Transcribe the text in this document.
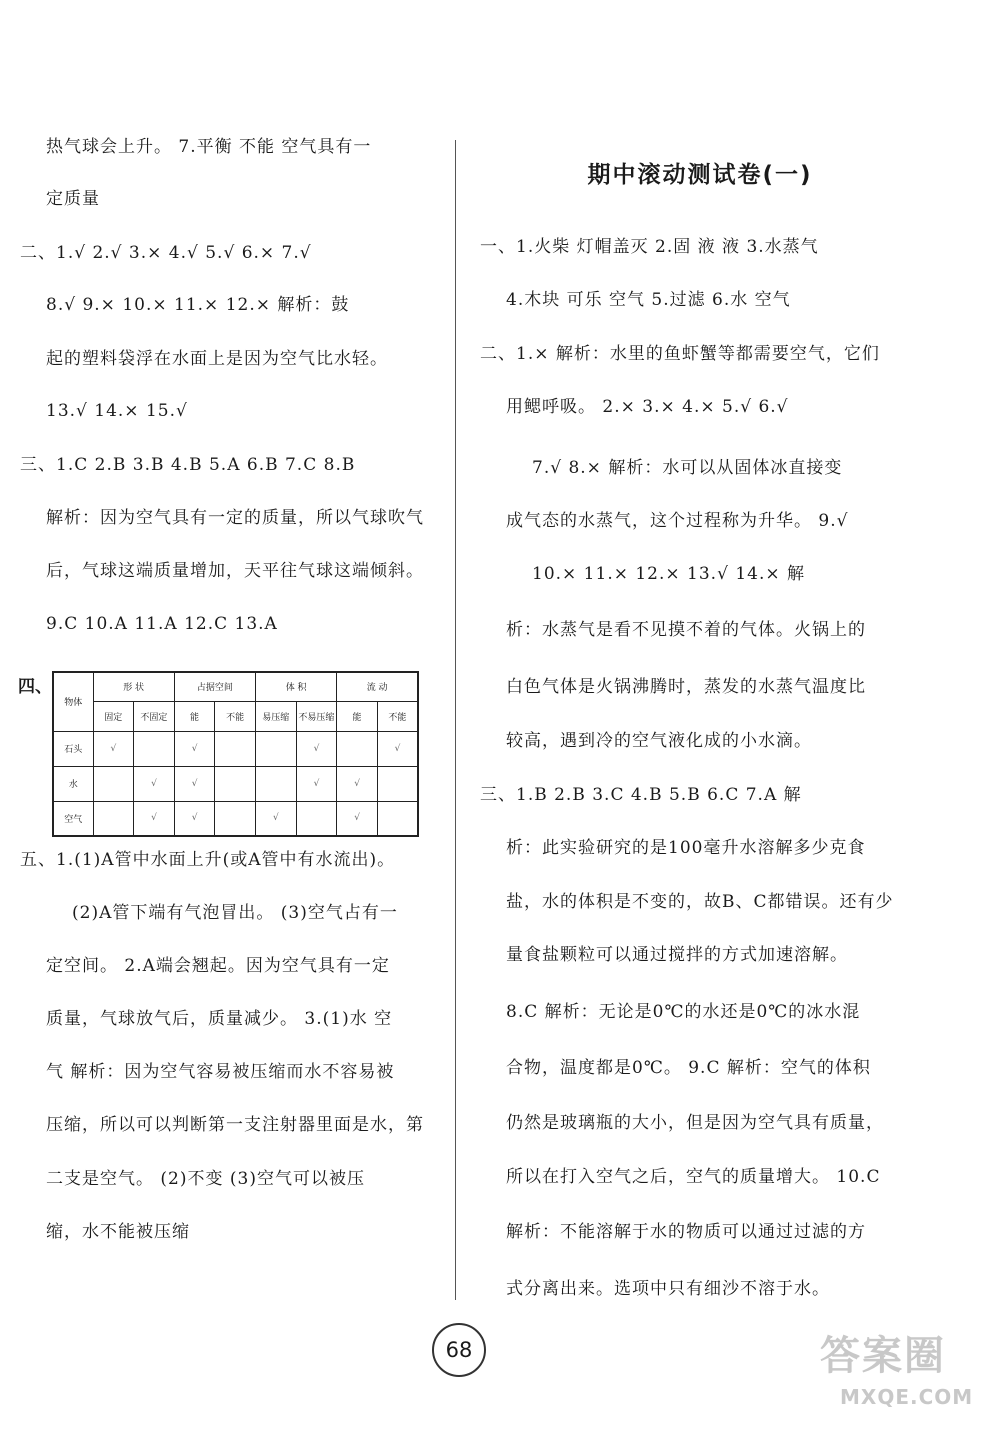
热气球会上升。 7.平衡 不能 空气具有一
定质量
二、1.√ 2.√ 3.× 4.√ 5.√ 6.× 7.√
8.√ 9.× 10.× 11.× 12.× 解析：鼓
起的塑料袋浮在水面上是因为空气比水轻。
13.√ 14.× 15.√
三、1.C 2.B 3.B 4.B 5.A 6.B 7.C 8.B
解析：因为空气具有一定的质量，所以气球吹气
后，气球这端质量增加，天平往气球这端倾斜。
9.C 10.A 11.A 12.C 13.A
五、1.(1)A管中水面上升(或A管中有水流出)。
(2)A管下端有气泡冒出。 (3)空气占有一
定空间。 2.A端会翘起。因为空气具有一定
质量，气球放气后，质量减少。 3.(1)水 空
气 解析：因为空气容易被压缩而水不容易被
压缩，所以可以判断第一支注射器里面是水，第
二支是空气。 (2)不变 (3)空气可以被压
缩，水不能被压缩
四、
物体	形 状		占据空间		体 积		流 动	
	固定	不固定	能	不能	易压缩	不易压缩	能	不能
石头	√		√			√		√
水		√	√			√	√	
空气		√	√		√		√	
期中滚动测试卷(一)
一、1.火柴 灯帽盖灭 2.固 液 液 3.水蒸气
4.木块 可乐 空气 5.过滤 6.水 空气
二、1.× 解析：水里的鱼虾蟹等都需要空气，它们
用鳃呼吸。 2.× 3.× 4.× 5.√ 6.√
7.√ 8.× 解析：水可以从固体冰直接变
成气态的水蒸气，这个过程称为升华。 9.√
10.× 11.× 12.× 13.√ 14.× 解
析：水蒸气是看不见摸不着的气体。火锅上的
白色气体是火锅沸腾时，蒸发的水蒸气温度比
较高，遇到冷的空气液化成的小水滴。
三、1.B 2.B 3.C 4.B 5.B 6.C 7.A 解
析：此实验研究的是100毫升水溶解多少克食
盐，水的体积是不变的，故B、C都错误。还有少
量食盐颗粒可以通过搅拌的方式加速溶解。
8.C 解析：无论是0℃的水还是0℃的冰水混
合物，温度都是0℃。 9.C 解析：空气的体积
仍然是玻璃瓶的大小，但是因为空气具有质量，
所以在打入空气之后，空气的质量增大。 10.C
解析：不能溶解于水的物质可以通过过滤的方
式分离出来。选项中只有细沙不溶于水。
68	答案圈
MXQE.COM
